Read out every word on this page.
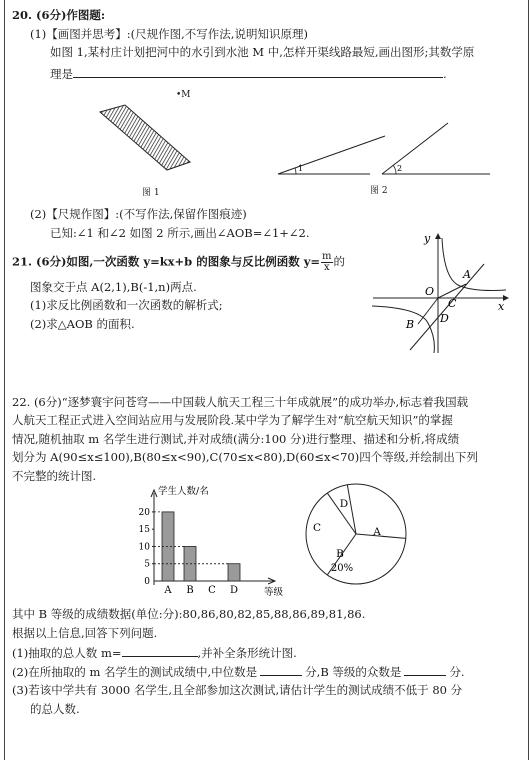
20. (6分)作图题:
(1)【画图并思考】:(尺规作图,不写作法,说明知识原理)
如图 1,某村庄计划把河中的水引到水池 M 中,怎样开渠线路最短,画出图形;其数学原
理是	.
•M
图 1
1	2
图 2
(2)【尺规作图】:(不写作法,保留作图痕迹)
已知:∠1 和∠2 如图 2 所示,画出∠AOB=∠1+∠2.
21. (6分)如图,一次函数 y=kx+b 的图象与反比例函数 $y= \frac{m}{x}$ 的
图象交于点 A(2,1),B(-1,n)两点.
(1)求反比例函数和一次函数的解析式;
(2)求△AOB 的面积.
y
x
O
A
B
C
D
22. (6分)“逐梦寰宇问苍穹——中国载人航天工程三十年成就展”的成功举办,标志着我国载
人航天工程正式进入空间站应用与发展阶段.某中学为了解学生对“航空航天知识”的掌握
情况,随机抽取 m 名学生进行测试,并对成绩(满分:100 分)进行整理、描述和分析,将成绩
划分为 A(90≤x≤100),B(80≤x<90),C(70≤x<80),D(60≤x<70)四个等级,并绘制出下列
不完整的统计图.
学生人数/名
等级
0
5
10
15
20
A B C D
A
B
C
D
20%
其中 B 等级的成绩数据(单位:分):80,86,80,82,85,88,86,89,81,86.
根据以上信息,回答下列问题.
(1)抽取的总人数 m=	,并补全条形统计图.
(2)在所抽取的 m 名学生的测试成绩中,中位数是	分,B 等级的众数是	分.
(3)若该中学共有 3000 名学生,且全部参加这次测试,请估计学生的测试成绩不低于 80 分
的总人数.
